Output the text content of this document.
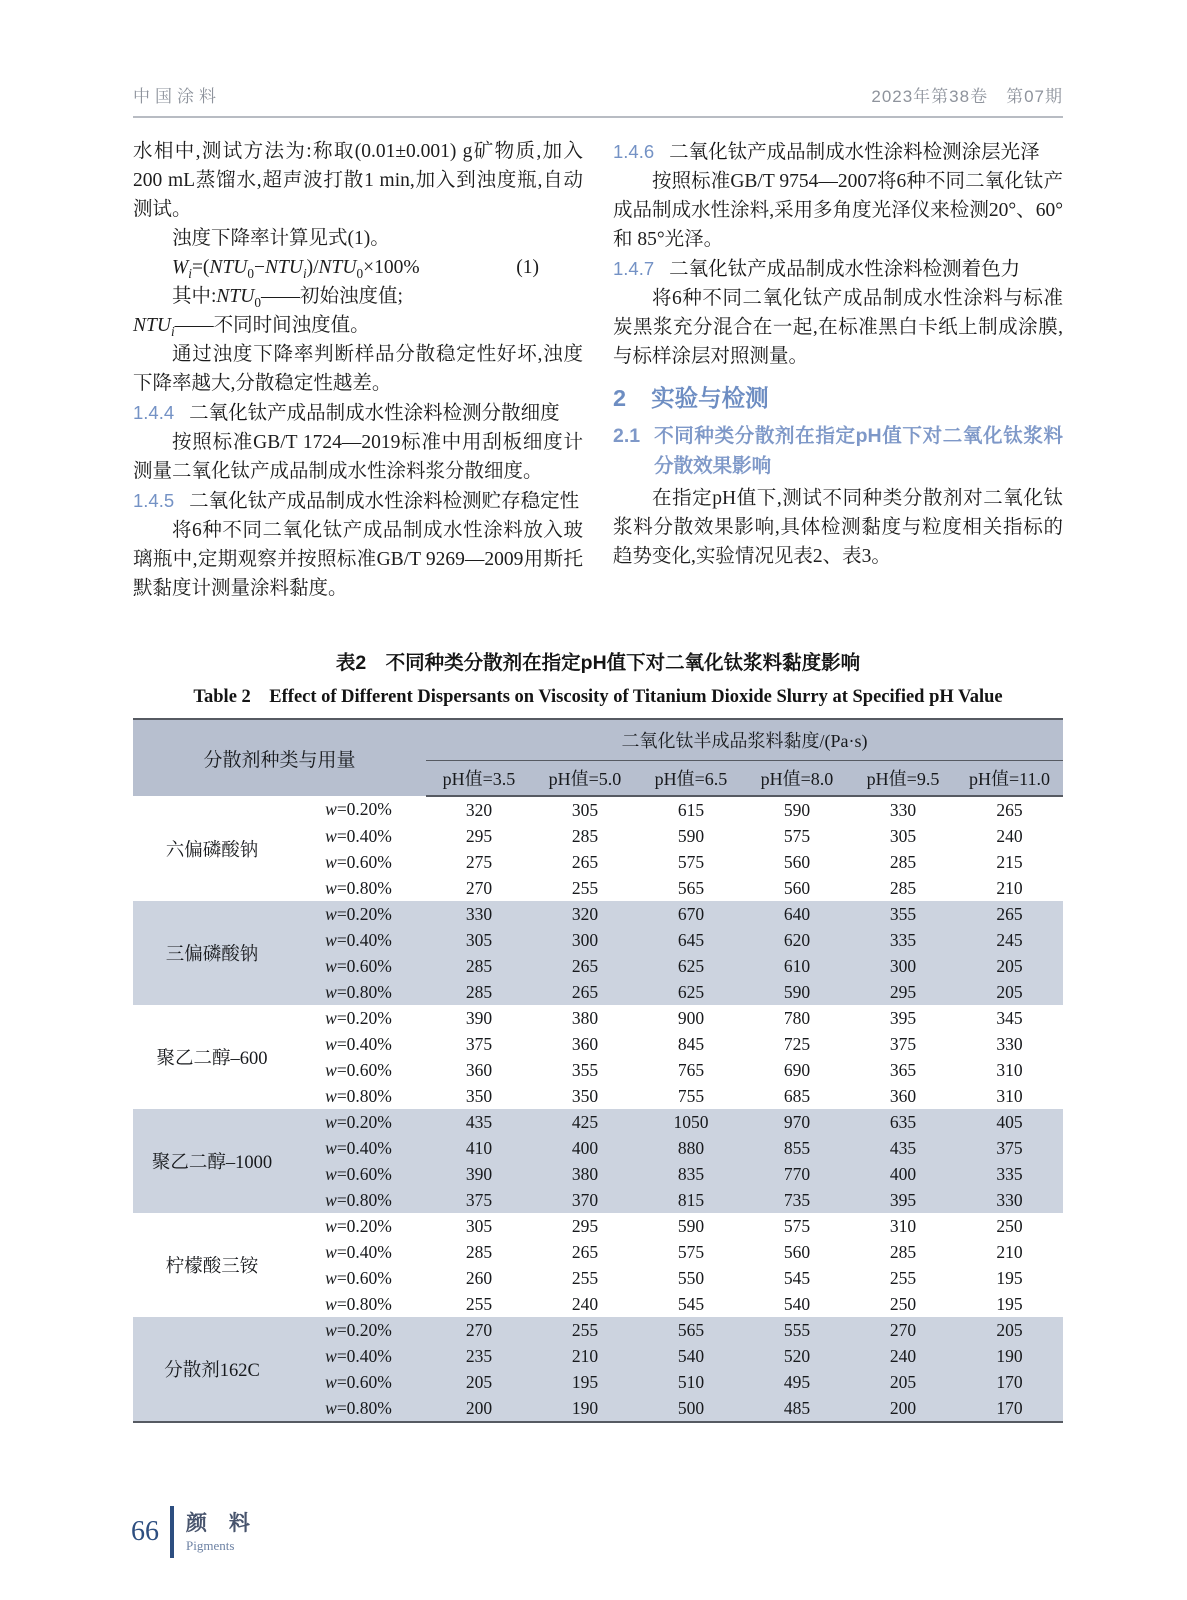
中国涂料	2023年第38卷　第07期

水相中,测试方法为:称取(0.01±0.001) g矿物质,加入200 mL蒸馏水,超声波打散1 min,加入到浊度瓶,自动测试。

浊度下降率计算见式(1)。

$W_i=(NTU_0-NTU_i)/NTU_0\times 100\%$	(1)

其中$:NTU_0——$初始浊度值;

$NTU_i——$不同时间浊度值。

通过浊度下降率判断样品分散稳定性好坏,浊度下降率越大,分散稳定性越差。

1.4.4 二氧化钛产成品制成水性涂料检测分散细度

按照标准GB/T 1724—2019标准中用刮板细度计测量二氧化钛产成品制成水性涂料浆分散细度。

1.4.5 二氧化钛产成品制成水性涂料检测贮存稳定性

将6种不同二氧化钛产成品制成水性涂料放入玻璃瓶中,定期观察并按照标准GB/T 9269—2009用斯托默黏度计测量涂料黏度。

1.4.6 二氧化钛产成品制成水性涂料检测涂层光泽

按照标准GB/T 9754—2007将6种不同二氧化钛产成品制成水性涂料,采用多角度光泽仪来检测20°、60°和 85°光泽。

1.4.7 二氧化钛产成品制成水性涂料检测着色力

将6种不同二氧化钛产成品制成水性涂料与标准炭黑浆充分混合在一起,在标准黑白卡纸上制成涂膜,与标样涂层对照测量。

2 实验与检测

2.1 不同种类分散剂在指定pH值下对二氧化钛浆料分散效果影响

在指定pH值下,测试不同种类分散剂对二氧化钛浆料分散效果影响,具体检测黏度与粒度相关指标的趋势变化,实验情况见表2、表3。

表2　不同种类分散剂在指定pH值下对二氧化钛浆料黏度影响
Table 2　Effect of Different Dispersants on Viscosity of Titanium Dioxide Slurry at Specified pH Value
分散剂种类与用量		二氧化钛半成品浆料黏度/(Pa·s)					
		pH值=3.5	pH值=5.0	pH值=6.5	pH值=8.0	pH值=9.5	pH值=11.0
六偏磷酸钠	w=0.20%	320	305	615	590	330	265
	w=0.40%	295	285	590	575	305	240
	w=0.60%	275	265	575	560	285	215
	w=0.80%	270	255	565	560	285	210
三偏磷酸钠	w=0.20%	330	320	670	640	355	265
	w=0.40%	305	300	645	620	335	245
	w=0.60%	285	265	625	610	300	205
	w=0.80%	285	265	625	590	295	205
聚乙二醇–600	w=0.20%	390	380	900	780	395	345
	w=0.40%	375	360	845	725	375	330
	w=0.60%	360	355	765	690	365	310
	w=0.80%	350	350	755	685	360	310
聚乙二醇–1000	w=0.20%	435	425	1050	970	635	405
	w=0.40%	410	400	880	855	435	375
	w=0.60%	390	380	835	770	400	335
	w=0.80%	375	370	815	735	395	330
柠檬酸三铵	w=0.20%	305	295	590	575	310	250
	w=0.40%	285	265	575	560	285	210
	w=0.60%	260	255	550	545	255	195
	w=0.80%	255	240	545	540	250	195
分散剂162C	w=0.20%	270	255	565	555	270	205
	w=0.40%	235	210	540	520	240	190
	w=0.60%	205	195	510	495	205	170
	w=0.80%	200	190	500	485	200	170
66 颜 料
Pigments
